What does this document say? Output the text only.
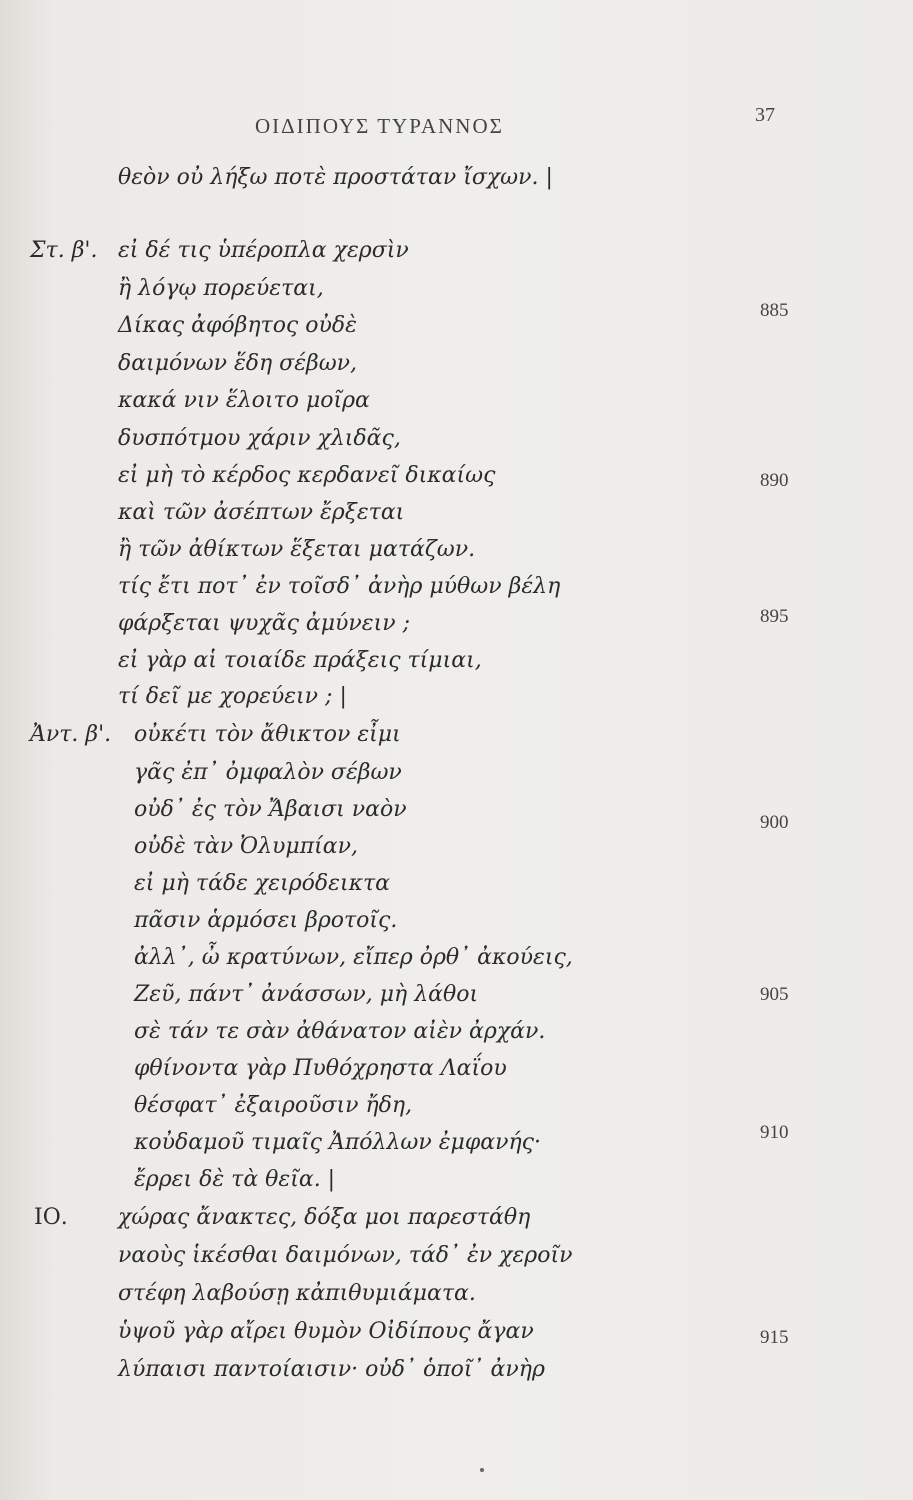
ΟΙΔΙΠΟΥΣ ΤΥΡΑΝΝΟΣ	37
Στ. β'.
Ἀντ. β'.
ΙΟ.
θεὸν οὐ λήξω ποτὲ προστάταν ἴσχων. |
εἰ δέ τις ὑπέροπλα χερσὶν
ἢ λόγῳ πορεύεται,
Δίκας ἀφόβητος οὐδὲ
δαιμόνων ἕδη σέβων,
κακά νιν ἕλοιτο μοῖρα
δυσπότμου χάριν χλιδᾶς,
εἰ μὴ τὸ κέρδος κερδανεῖ δικαίως
καὶ τῶν ἀσέπτων ἔρξεται
ἢ τῶν ἀθίκτων ἕξεται ματάζων.
τίς ἔτι ποτ᾿ ἐν τοῖσδ᾿ ἀνὴρ μύθων βέλη
φάρξεται ψυχᾶς ἀμύνειν ;
εἰ γὰρ αἱ τοιαίδε πράξεις τίμιαι,
τί δεῖ με χορεύειν ; |
οὐκέτι τὸν ἄθικτον εἶμι
γᾶς ἐπ᾿ ὀμφαλὸν σέβων
οὐδ᾿ ἐς τὸν Ἄβαισι ναὸν
οὐδὲ τὰν Ὀλυμπίαν,
εἰ μὴ τάδε χειρόδεικτα
πᾶσιν ἁρμόσει βροτοῖς.
ἀλλ᾿, ὦ κρατύνων, εἴπερ ὀρθ᾿ ἀκούεις,
Ζεῦ, πάντ᾿ ἀνάσσων, μὴ λάθοι
σὲ τάν τε σὰν ἀθάνατον αἰὲν ἀρχάν.
φθίνοντα γὰρ Πυθόχρηστα Λαΐου
θέσφατ᾿ ἐξαιροῦσιν ἤδη,
κοὐδαμοῦ τιμαῖς Ἀπόλλων ἐμφανής·
ἔρρει δὲ τὰ θεῖα. |
χώρας ἄνακτες, δόξα μοι παρεστάθη
ναοὺς ἱκέσθαι δαιμόνων, τάδ᾿ ἐν χεροῖν
στέφη λαβούσῃ κἀπιθυμιάματα.
ὑψοῦ γὰρ αἴρει θυμὸν Οἰδίπους ἄγαν
λύπαισι παντοίαισιν· οὐδ᾿ ὁποῖ᾿ ἀνὴρ
885
890
895
900
905
910
915
